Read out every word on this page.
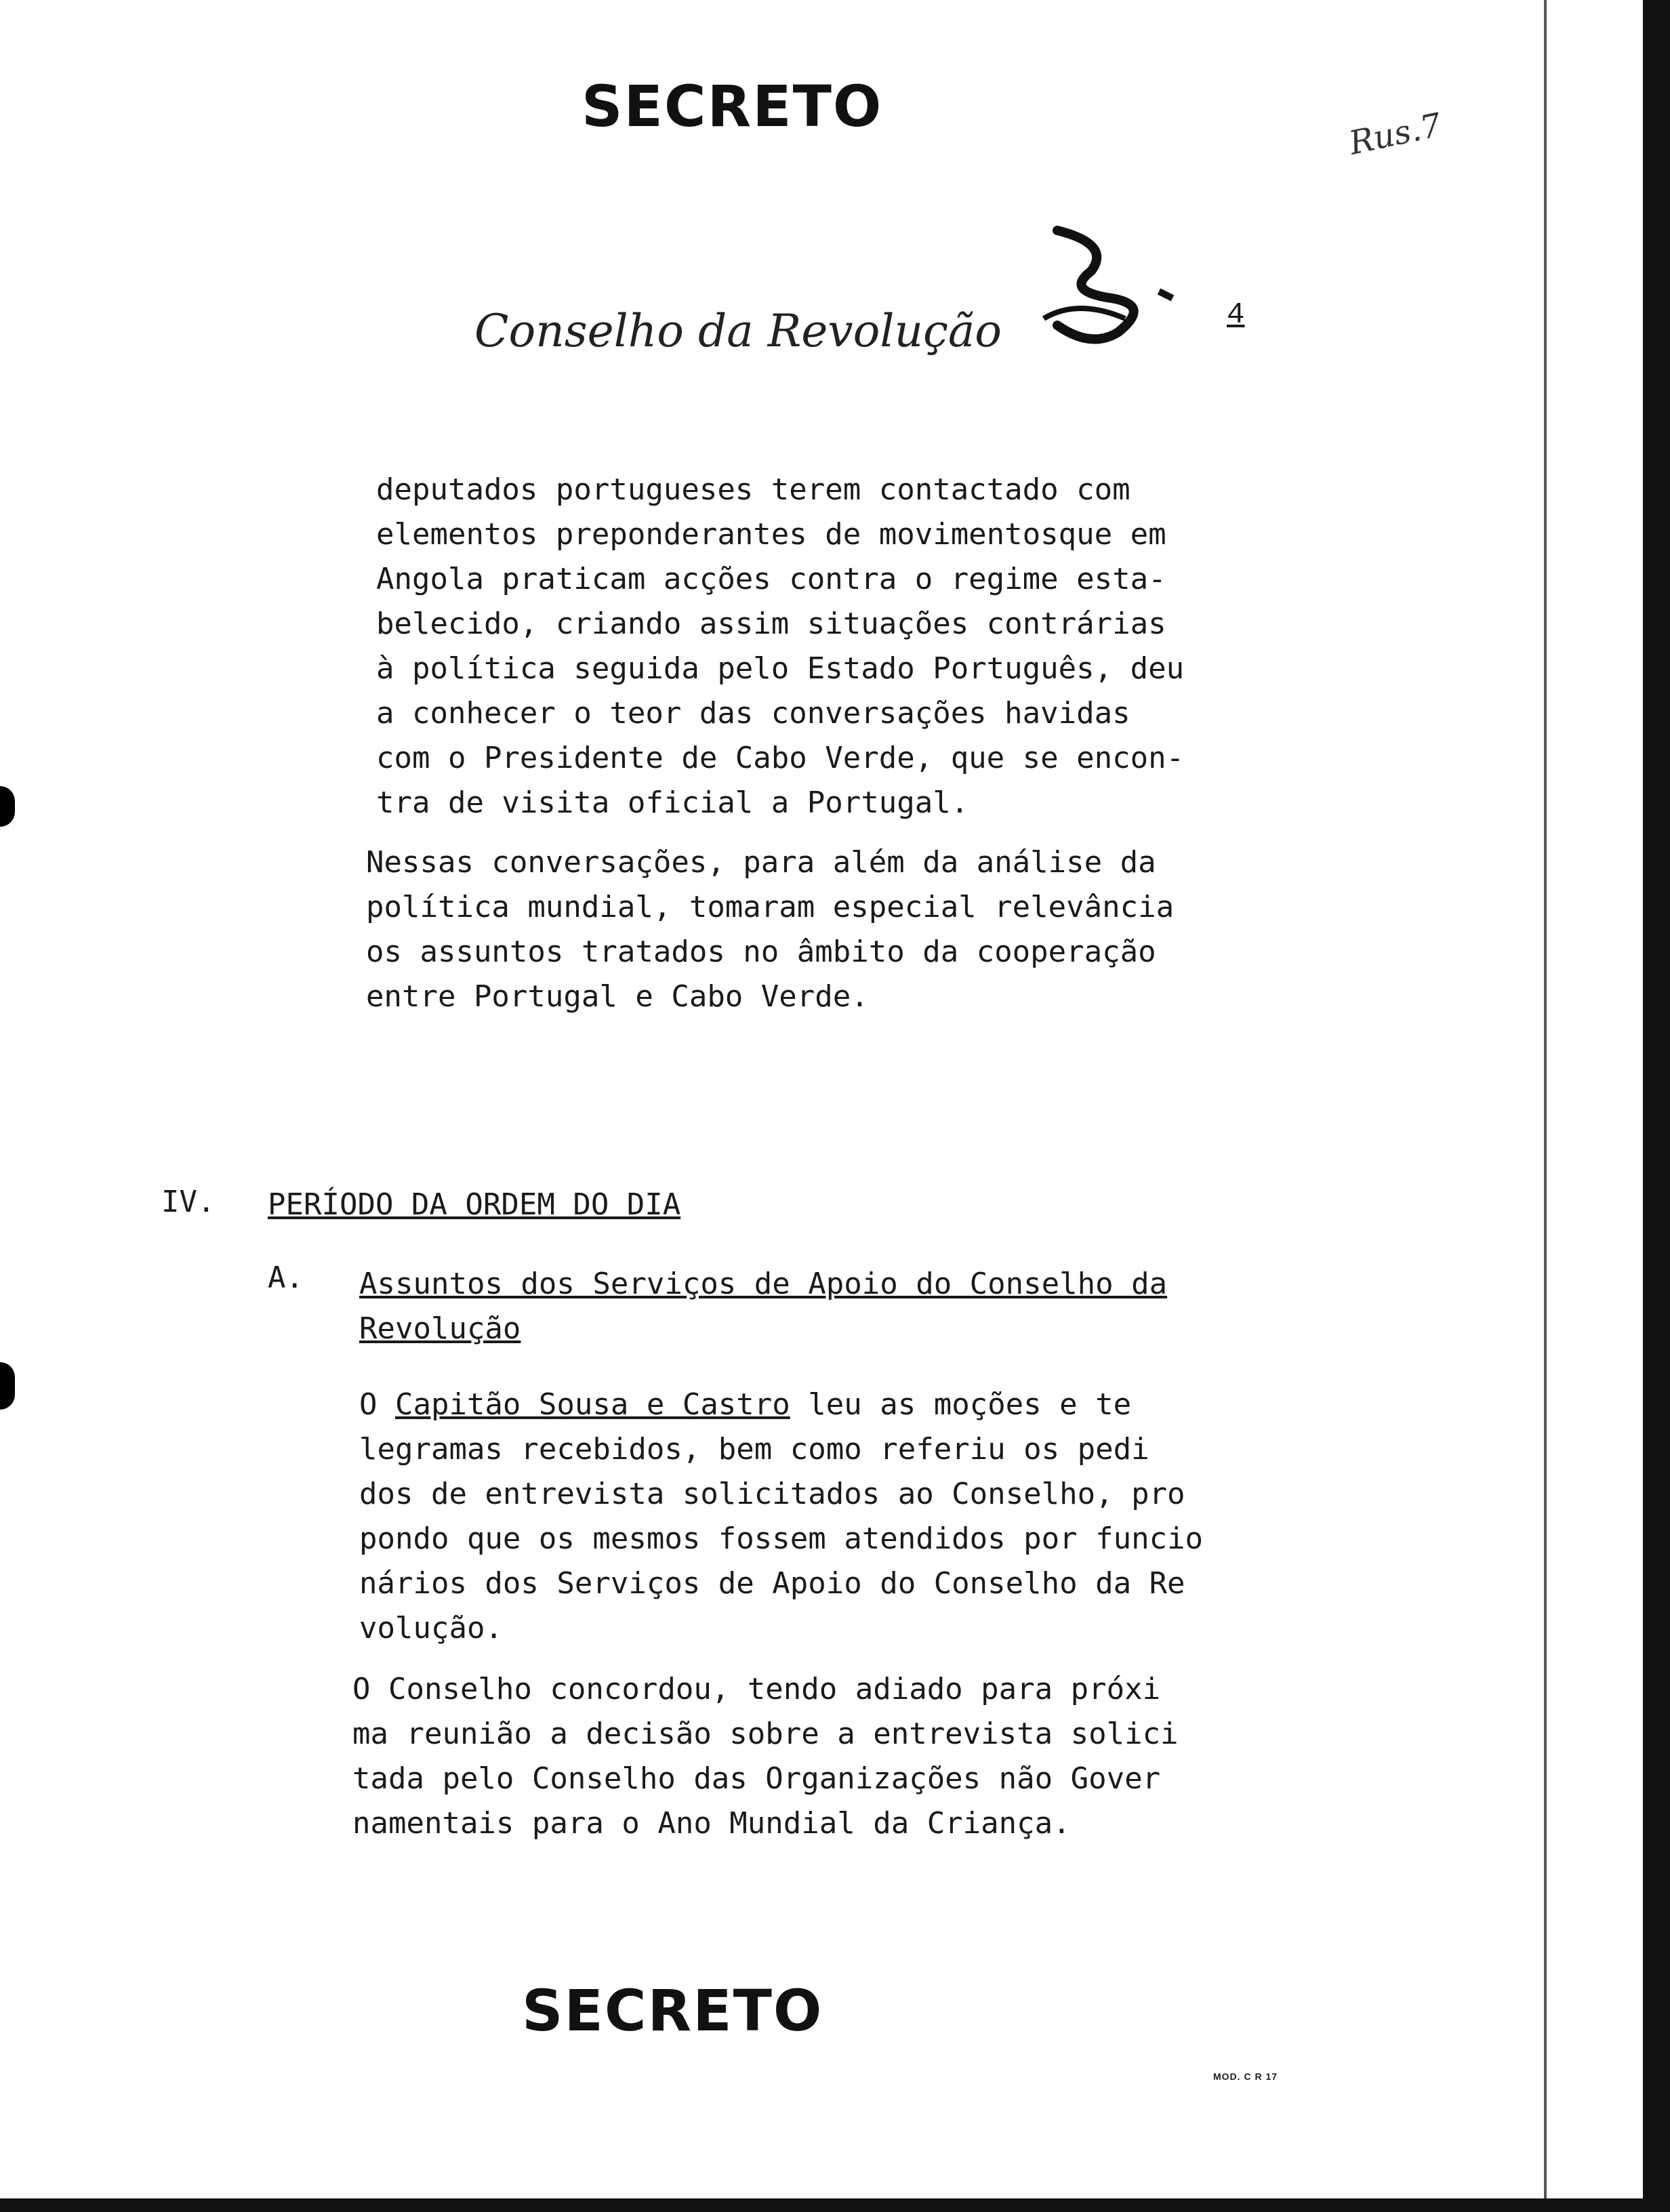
SECRETO	Rus.7
Conselho da Revolução	4
deputados portugueses terem contactado com
elementos preponderantes de movimentosque em
Angola praticam acções contra o regime esta-
belecido, criando assim situações contrárias
à política seguida pelo Estado Português, deu
a conhecer o teor das conversações havidas
com o Presidente de Cabo Verde, que se encon-
tra de visita oficial a Portugal.
Nessas conversações, para além da análise da
política mundial, tomaram especial relevância
os assuntos tratados no âmbito da cooperação
entre Portugal e Cabo Verde.
IV. PERÍODO DA ORDEM DO DIA
A. Assuntos dos Serviços de Apoio do Conselho da
Revolução
O Capitão Sousa e Castro leu as moções e te
legramas recebidos, bem como referiu os pedi
dos de entrevista solicitados ao Conselho, pro
pondo que os mesmos fossem atendidos por funcio
nários dos Serviços de Apoio do Conselho da Re
volução.
O Conselho concordou, tendo adiado para próxi
ma reunião a decisão sobre a entrevista solici
tada pelo Conselho das Organizações não Gover
namentais para o Ano Mundial da Criança.
SECRETO
MOD. C R 17
